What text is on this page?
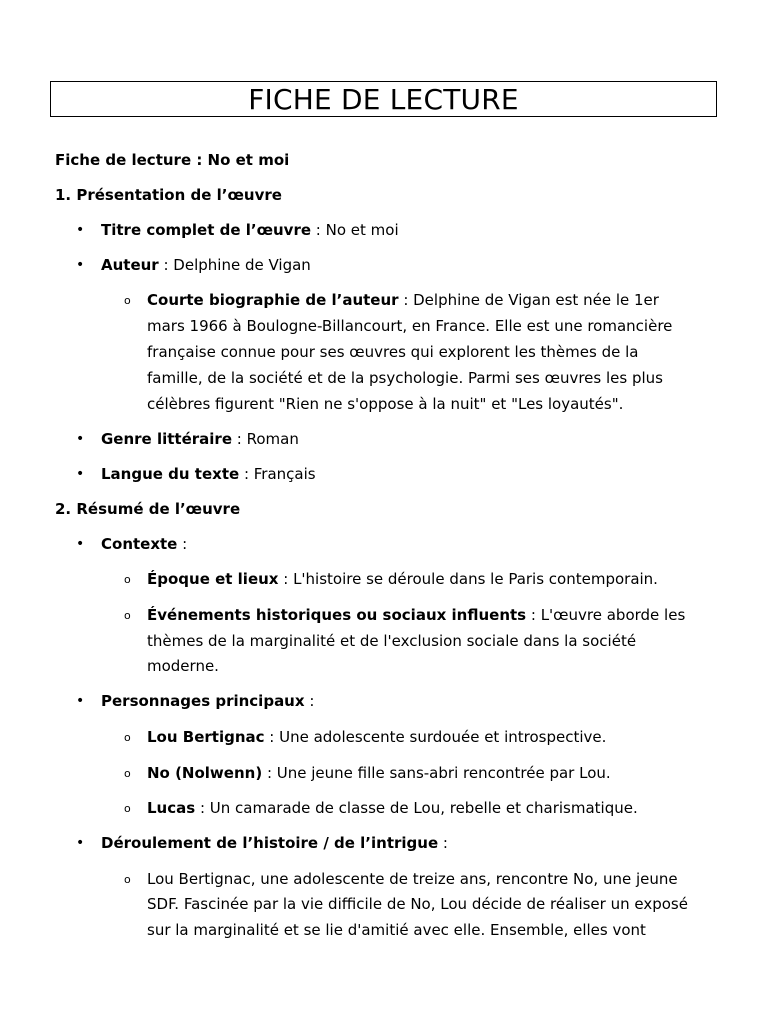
FICHE DE LECTURE
Fiche de lecture : No et moi
1. Présentation de l’œuvre
• Titre complet de l’œuvre : No et moi
• Auteur : Delphine de Vigan
o Courte biographie de l’auteur : Delphine de Vigan est née le 1er
mars 1966 à Boulogne-Billancourt, en France. Elle est une romancière
française connue pour ses œuvres qui explorent les thèmes de la
famille, de la société et de la psychologie. Parmi ses œuvres les plus
célèbres figurent "Rien ne s'oppose à la nuit" et "Les loyautés".
• Genre littéraire : Roman
• Langue du texte : Français
2. Résumé de l’œuvre
• Contexte :
o Époque et lieux : L'histoire se déroule dans le Paris contemporain.
o Événements historiques ou sociaux influents : L'œuvre aborde les
thèmes de la marginalité et de l'exclusion sociale dans la société
moderne.
• Personnages principaux :
o Lou Bertignac : Une adolescente surdouée et introspective.
o No (Nolwenn) : Une jeune fille sans-abri rencontrée par Lou.
o Lucas : Un camarade de classe de Lou, rebelle et charismatique.
• Déroulement de l’histoire / de l’intrigue :
o Lou Bertignac, une adolescente de treize ans, rencontre No, une jeune
SDF. Fascinée par la vie difficile de No, Lou décide de réaliser un exposé
sur la marginalité et se lie d'amitié avec elle. Ensemble, elles vont
